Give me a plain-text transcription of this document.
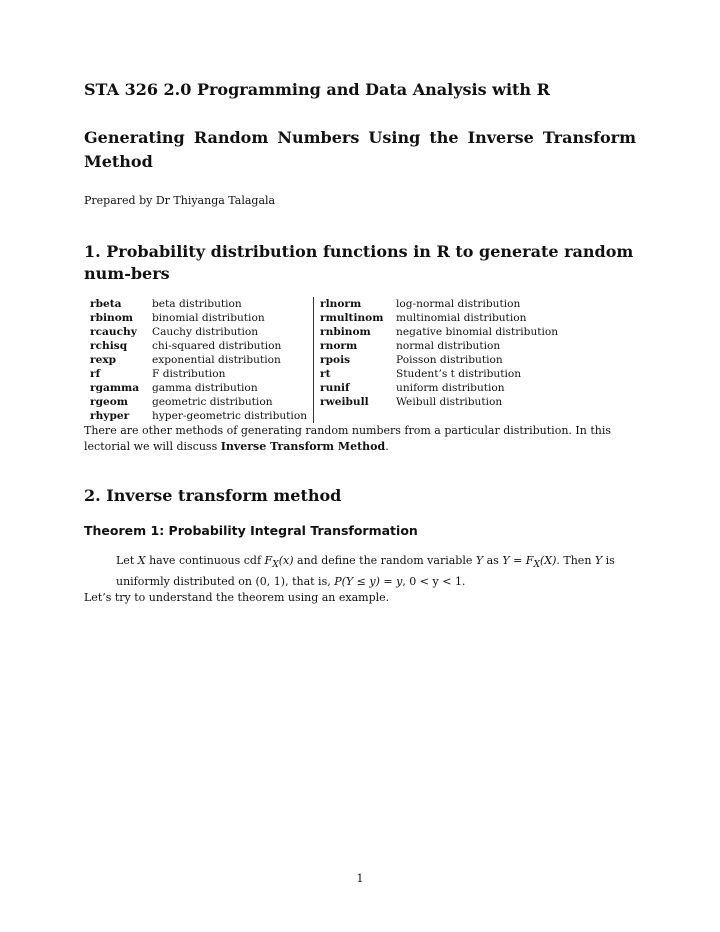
STA 326 2.0 Programming and Data Analysis with R
Generating Random Numbers Using the Inverse Transform Method
Prepared by Dr Thiyanga Talagala
1. Probability distribution functions in R to generate random num-bers
rbeta	beta distribution	rlnorm	log-normal distribution
rbinom	binomial distribution	rmultinom	multinomial distribution
rcauchy	Cauchy distribution	rnbinom	negative binomial distribution
rchisq	chi-squared distribution	rnorm	normal distribution
rexp	exponential distribution	rpois	Poisson distribution
rf	F distribution	rt	Student’s t distribution
rgamma	gamma distribution	runif	uniform distribution
rgeom	geometric distribution	rweibull	Weibull distribution
rhyper	hyper-geometric distribution		

There are other methods of generating random numbers from a particular distribution. In this lectorial we will discuss Inverse Transform Method.

2. Inverse transform method
Theorem 1: Probability Integral Transformation
Let X have continuous cdf $F_X(x)$ and define the random variable Y as $Y = F_X(X)$. Then Y is uniformly distributed on (0, 1), that is, P(Y ≤ y) = y, 0 < y < 1.

Let’s try to understand the theorem using an example.

1
